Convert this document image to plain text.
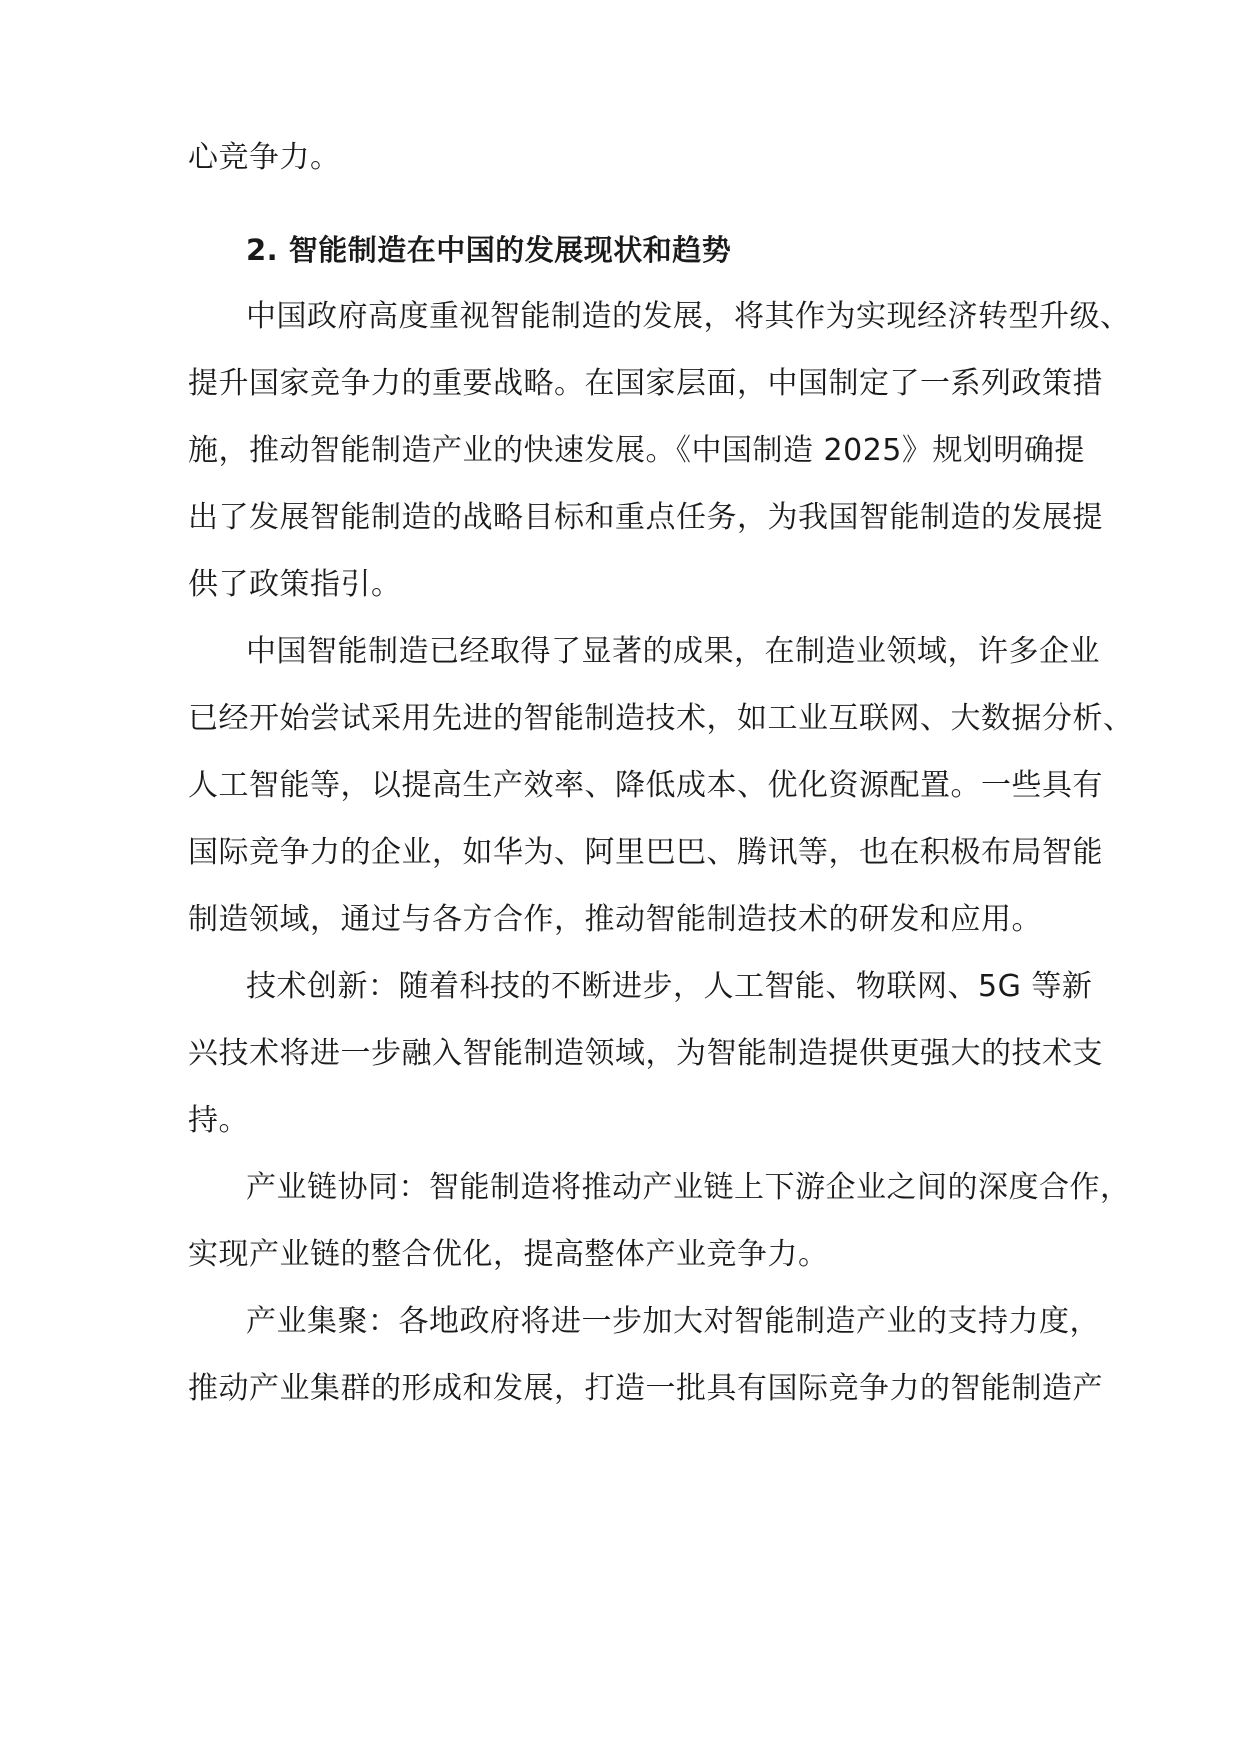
心竞争力。
2. 智能制造在中国的发展现状和趋势
中国政府高度重视智能制造的发展，将其作为实现经济转型升级、
提升国家竞争力的重要战略。在国家层面，中国制定了一系列政策措
施，推动智能制造产业的快速发展。《中国制造 2025》规划明确提
出了发展智能制造的战略目标和重点任务，为我国智能制造的发展提
供了政策指引。
中国智能制造已经取得了显著的成果，在制造业领域，许多企业
已经开始尝试采用先进的智能制造技术，如工业互联网、大数据分析、
人工智能等，以提高生产效率、降低成本、优化资源配置。一些具有
国际竞争力的企业，如华为、阿里巴巴、腾讯等，也在积极布局智能
制造领域，通过与各方合作，推动智能制造技术的研发和应用。
技术创新：随着科技的不断进步，人工智能、物联网、5G 等新
兴技术将进一步融入智能制造领域，为智能制造提供更强大的技术支
持。
产业链协同：智能制造将推动产业链上下游企业之间的深度合作，
实现产业链的整合优化，提高整体产业竞争力。
产业集聚：各地政府将进一步加大对智能制造产业的支持力度，
推动产业集群的形成和发展，打造一批具有国际竞争力的智能制造产
